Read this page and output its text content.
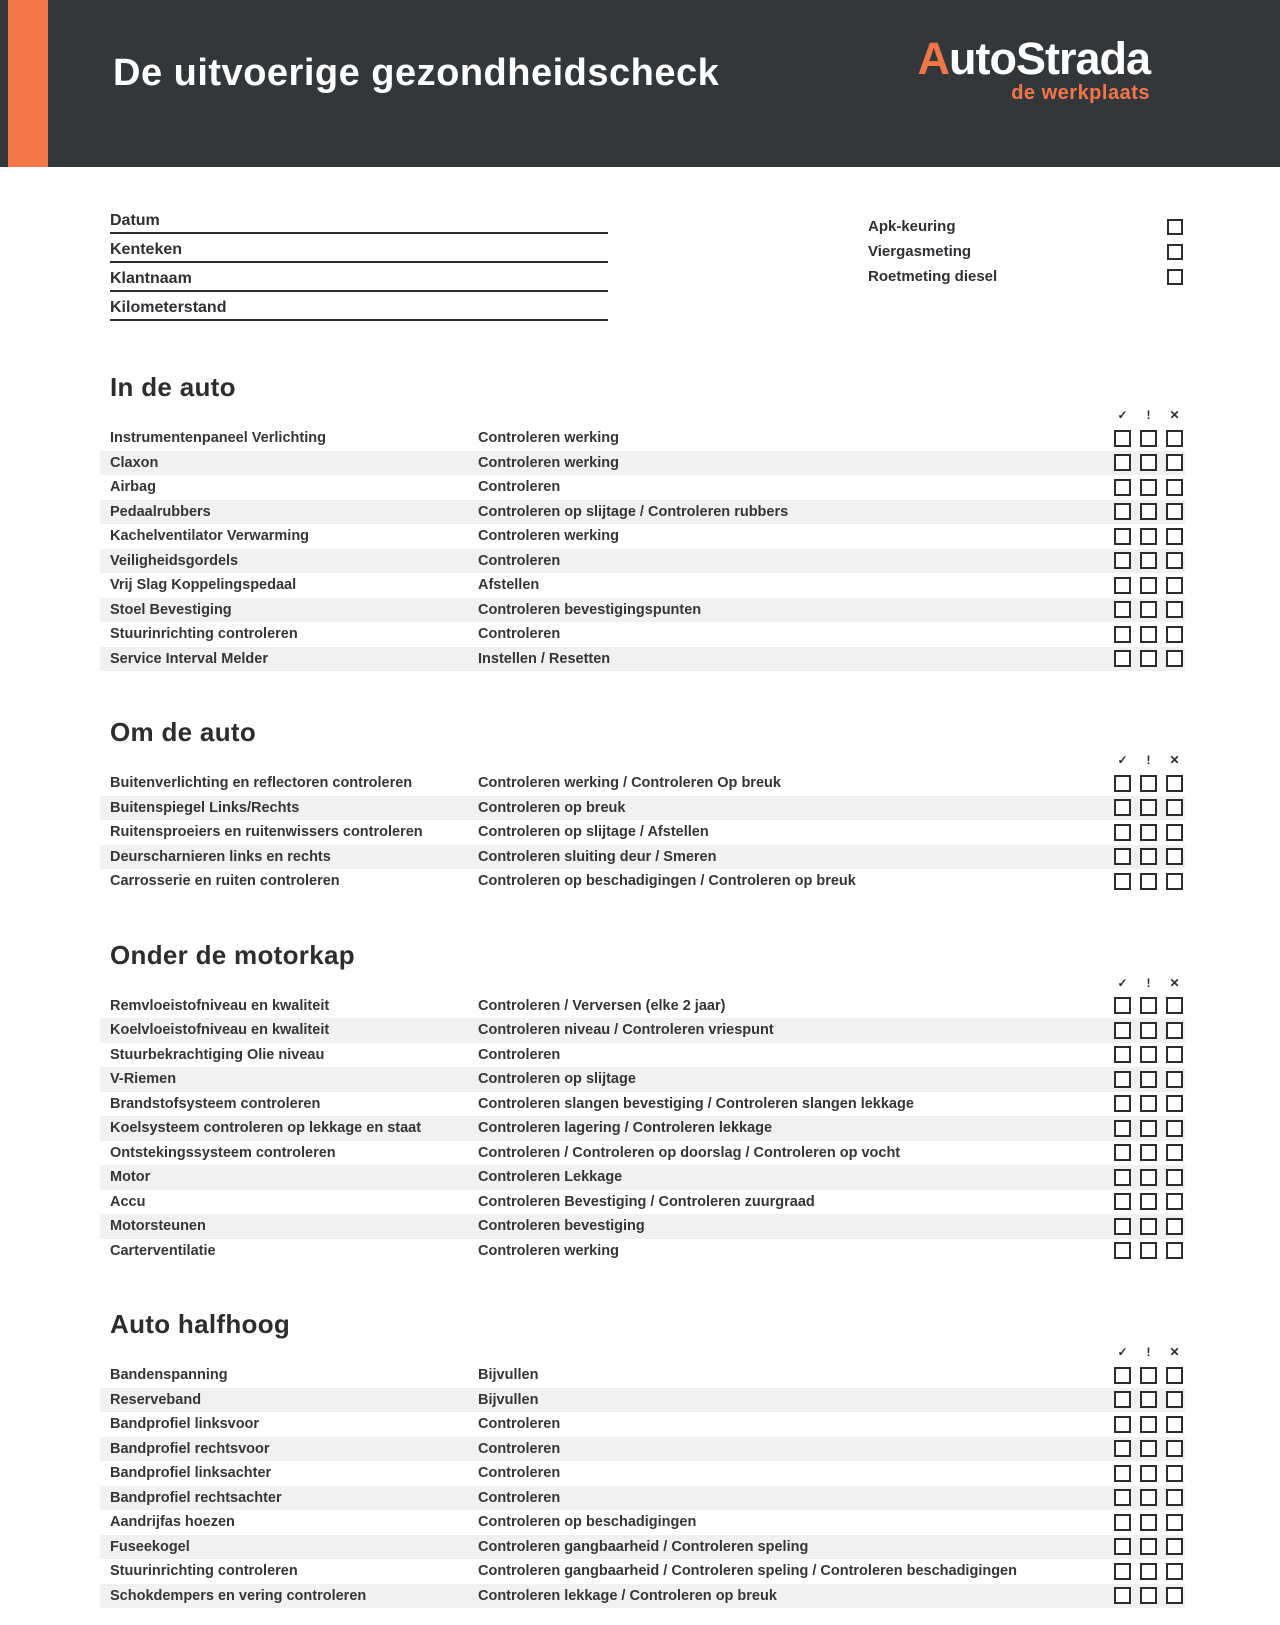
De uitvoerige gezondheidscheck	AutoStrada
de werkplaats
Datum
Kenteken
Klantnaam
Kilometerstand
Apk-keuring
Viergasmeting
Roetmeting diesel
In de auto
✓	!	✕
Instrumentenpaneel Verlichting	Controleren werking
Claxon	Controleren werking
Airbag	Controleren
Pedaalrubbers	Controleren op slijtage / Controleren rubbers
Kachelventilator Verwarming	Controleren werking
Veiligheidsgordels	Controleren
Vrij Slag Koppelingspedaal	Afstellen
Stoel Bevestiging	Controleren bevestigingspunten
Stuurinrichting controleren	Controleren
Service Interval Melder	Instellen / Resetten
Om de auto
✓	!	✕
Buitenverlichting en reflectoren controleren	Controleren werking / Controleren Op breuk
Buitenspiegel Links/Rechts	Controleren op breuk
Ruitensproeiers en ruitenwissers controleren	Controleren op slijtage / Afstellen
Deurscharnieren links en rechts	Controleren sluiting deur / Smeren
Carrosserie en ruiten controleren	Controleren op beschadigingen / Controleren op breuk
Onder de motorkap
✓	!	✕
Remvloeistofniveau en kwaliteit	Controleren / Verversen (elke 2 jaar)
Koelvloeistofniveau en kwaliteit	Controleren niveau / Controleren vriespunt
Stuurbekrachtiging Olie niveau	Controleren
V-Riemen	Controleren op slijtage
Brandstofsysteem controleren	Controleren slangen bevestiging / Controleren slangen lekkage
Koelsysteem controleren op lekkage en staat	Controleren lagering / Controleren lekkage
Ontstekingssysteem controleren	Controleren / Controleren op doorslag / Controleren op vocht
Motor	Controleren Lekkage
Accu	Controleren Bevestiging / Controleren zuurgraad
Motorsteunen	Controleren bevestiging
Carterventilatie	Controleren werking
Auto halfhoog
✓	!	✕
Bandenspanning	Bijvullen
Reserveband	Bijvullen
Bandprofiel linksvoor	Controleren
Bandprofiel rechtsvoor	Controleren
Bandprofiel linksachter	Controleren
Bandprofiel rechtsachter	Controleren
Aandrijfas hoezen	Controleren op beschadigingen
Fuseekogel	Controleren gangbaarheid / Controleren speling
Stuurinrichting controleren	Controleren gangbaarheid / Controleren speling / Controleren beschadigingen
Schokdempers en vering controleren	Controleren lekkage / Controleren op breuk
